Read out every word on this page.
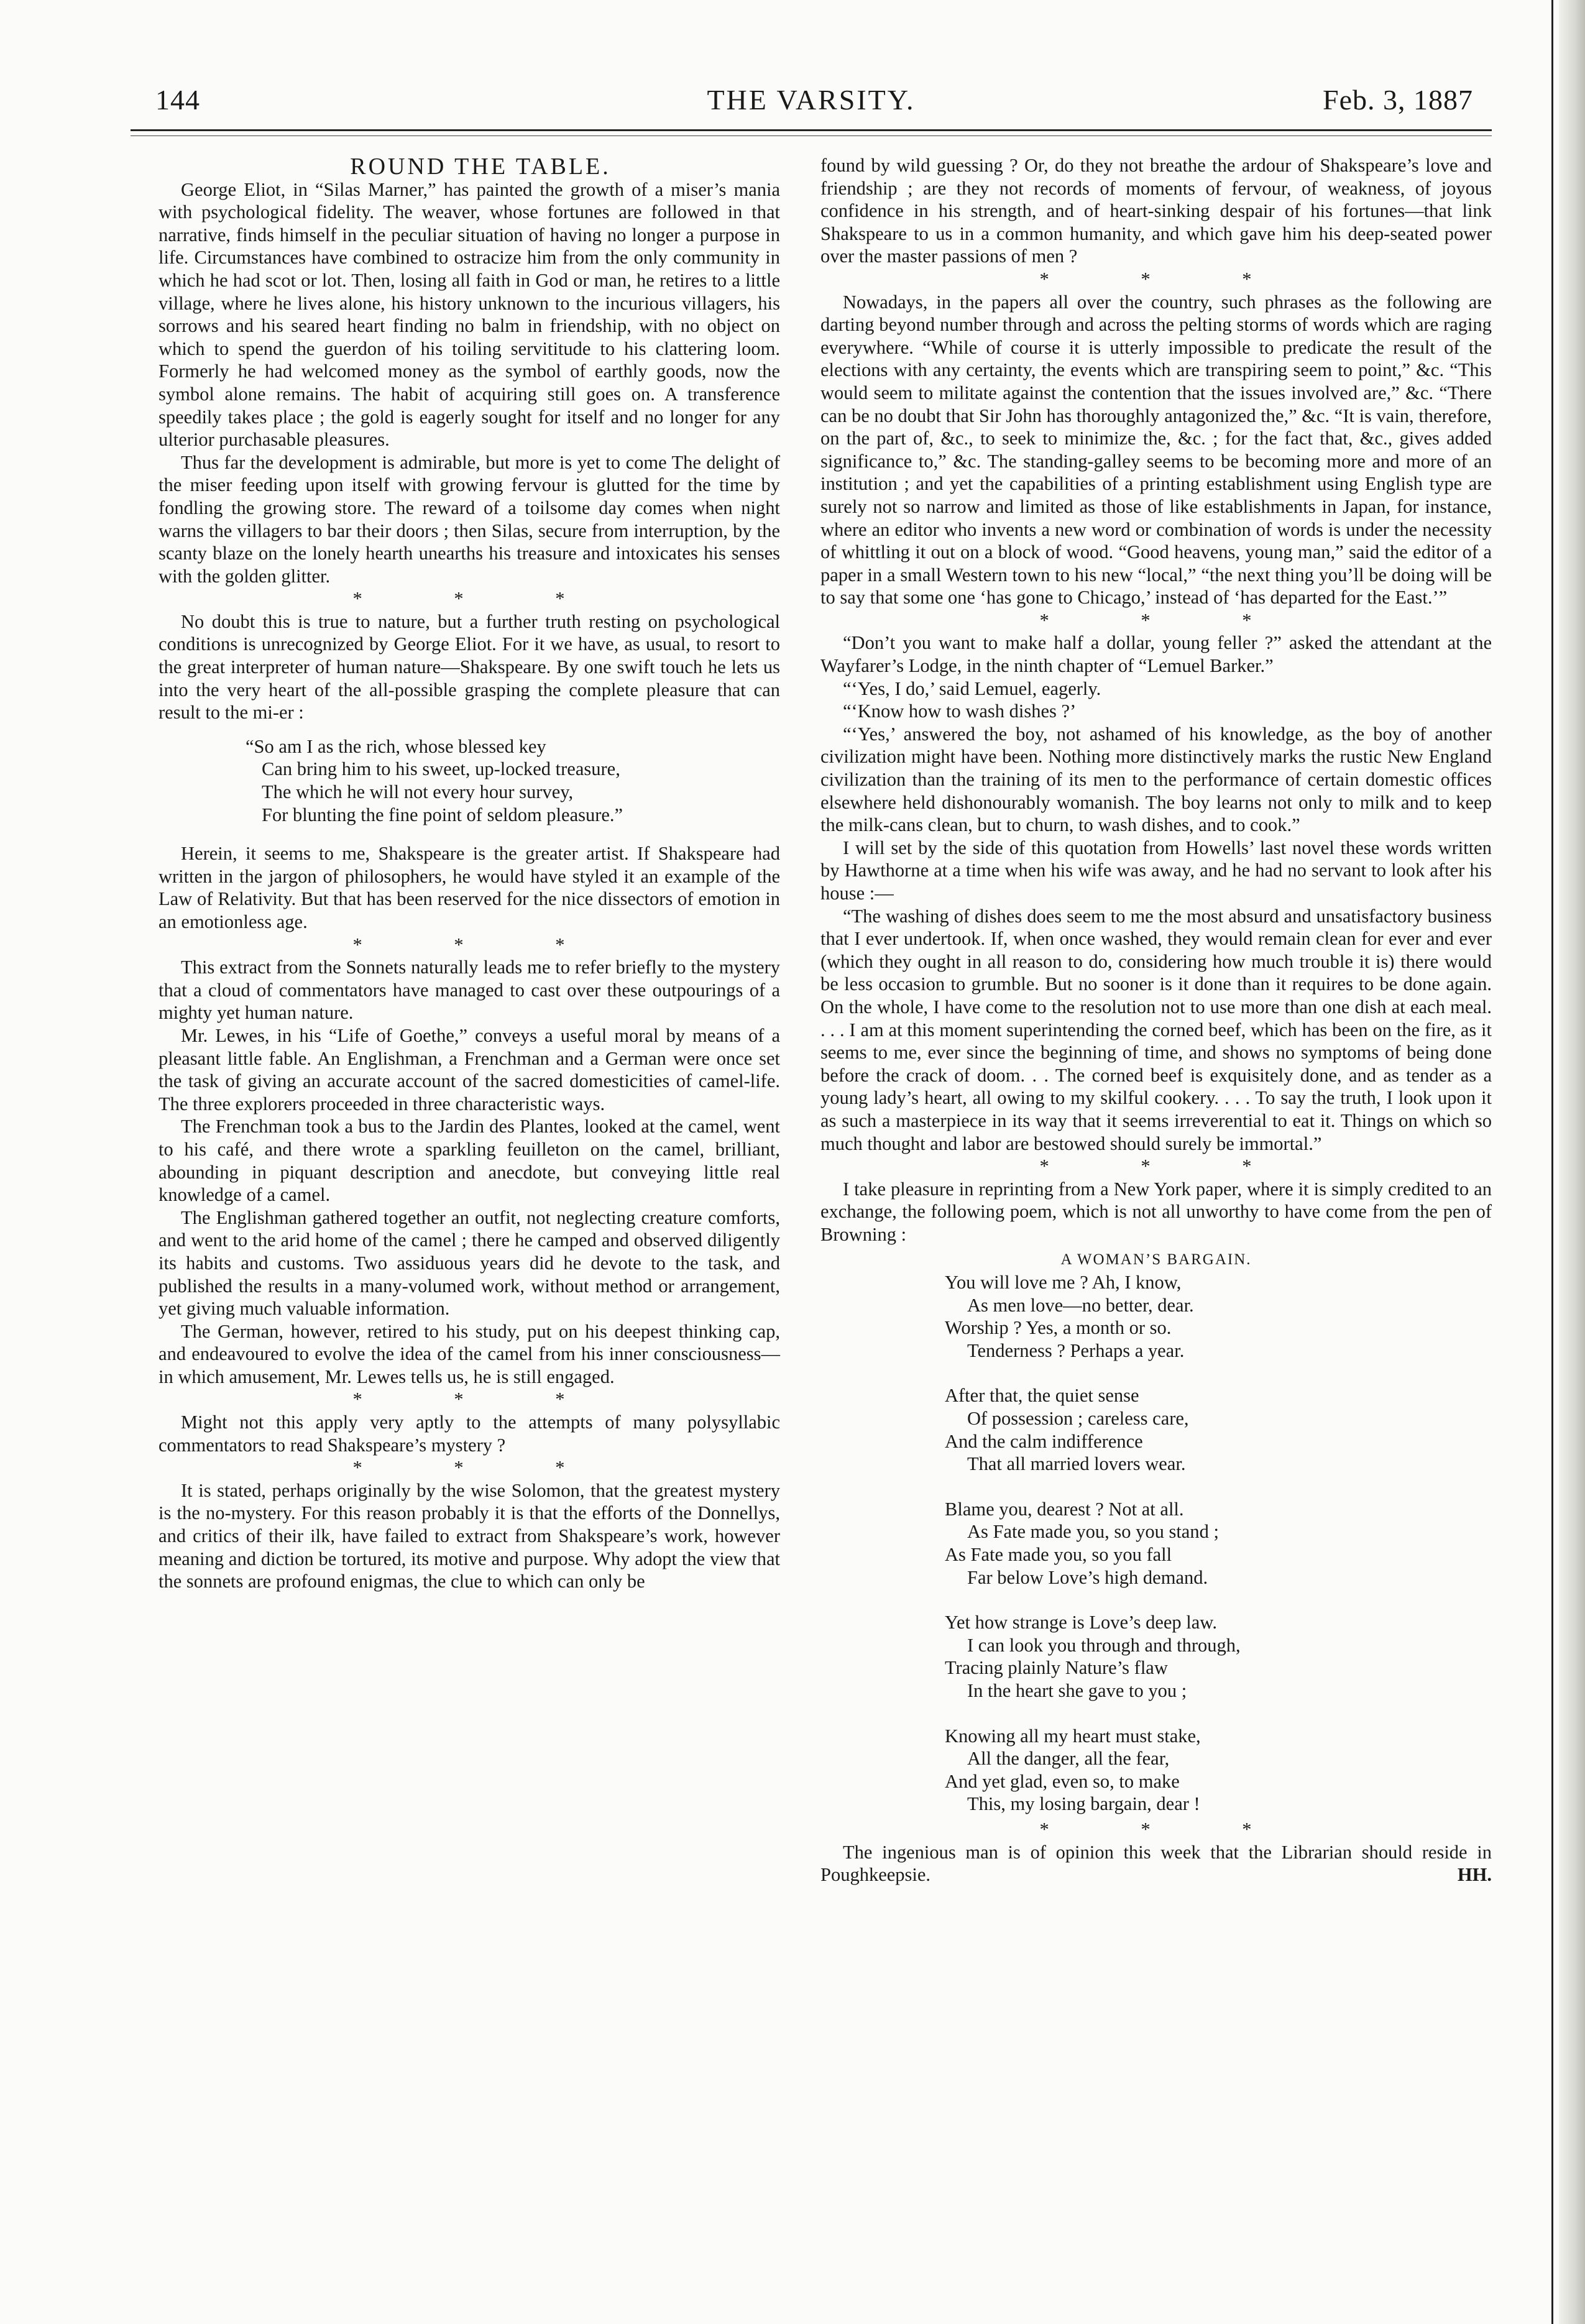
144	THE VARSITY.	Feb. 3, 1887

ROUND THE TABLE.

George Eliot, in “Silas Marner,” has painted the growth of a miser’s mania with psychological fidelity. The weaver, whose fortunes are followed in that narrative, finds himself in the peculiar situation of having no longer a purpose in life. Circumstances have combined to ostracize him from the only community in which he had scot or lot. Then, losing all faith in God or man, he retires to a little village, where he lives alone, his history unknown to the incurious villagers, his sorrows and his seared heart finding no balm in friendship, with no object on which to spend the guerdon of his toiling servititude to his clattering loom. Formerly he had welcomed money as the symbol of earthly goods, now the symbol alone remains. The habit of acquiring still goes on. A transference speedily takes place ; the gold is eagerly sought for itself and no longer for any ulterior purchasable pleasures.

Thus far the development is admirable, but more is yet to come The delight of the miser feeding upon itself with growing fervour is glutted for the time by fondling the growing store. The reward of a toilsome day comes when night warns the villagers to bar their doors ; then Silas, secure from interruption, by the scanty blaze on the lonely hearth unearths his treasure and intoxicates his senses with the golden glitter.

* * *

No doubt this is true to nature, but a further truth resting on psychological conditions is unrecognized by George Eliot. For it we have, as usual, to resort to the great interpreter of human nature—Shakspeare. By one swift touch he lets us into the very heart of the all-possible grasping the complete pleasure that can result to the mi-er :

“So am I as the rich, whose blessed key
Can bring him to his sweet, up-locked treasure,
The which he will not every hour survey,
For blunting the fine point of seldom pleasure.”

Herein, it seems to me, Shakspeare is the greater artist. If Shakspeare had written in the jargon of philosophers, he would have styled it an example of the Law of Relativity. But that has been reserved for the nice dissectors of emotion in an emotionless age.

* * *

This extract from the Sonnets naturally leads me to refer briefly to the mystery that a cloud of commentators have managed to cast over these outpourings of a mighty yet human nature.

Mr. Lewes, in his “Life of Goethe,” conveys a useful moral by means of a pleasant little fable. An Englishman, a Frenchman and a German were once set the task of giving an accurate account of the sacred domesticities of camel-life. The three explorers proceeded in three characteristic ways.

The Frenchman took a bus to the Jardin des Plantes, looked at the camel, went to his café, and there wrote a sparkling feuilleton on the camel, brilliant, abounding in piquant description and anecdote, but conveying little real knowledge of a camel.

The Englishman gathered together an outfit, not neglecting creature comforts, and went to the arid home of the camel ; there he camped and observed diligently its habits and customs. Two assiduous years did he devote to the task, and published the results in a many-volumed work, without method or arrangement, yet giving much valuable information.

The German, however, retired to his study, put on his deepest thinking cap, and endeavoured to evolve the idea of the camel from his inner consciousness—in which amusement, Mr. Lewes tells us, he is still engaged.

* * *

Might not this apply very aptly to the attempts of many polysyllabic commentators to read Shakspeare’s mystery ?

* * *

It is stated, perhaps originally by the wise Solomon, that the greatest mystery is the no-mystery. For this reason probably it is that the efforts of the Donnellys, and critics of their ilk, have failed to extract from Shakspeare’s work, however meaning and diction be tortured, its motive and purpose. Why adopt the view that the sonnets are profound enigmas, the clue to which can only be

found by wild guessing ? Or, do they not breathe the ardour of Shakspeare’s love and friendship ; are they not records of moments of fervour, of weakness, of joyous confidence in his strength, and of heart-sinking despair of his fortunes—that link Shakspeare to us in a common humanity, and which gave him his deep-seated power over the master passions of men ?

* * *

Nowadays, in the papers all over the country, such phrases as the following are darting beyond number through and across the pelting storms of words which are raging everywhere. “While of course it is utterly impossible to predicate the result of the elections with any certainty, the events which are transpiring seem to point,” &c. “This would seem to militate against the contention that the issues involved are,” &c. “There can be no doubt that Sir John has thoroughly antagonized the,” &c. “It is vain, therefore, on the part of, &c., to seek to minimize the, &c. ; for the fact that, &c., gives added significance to,” &c. The standing-galley seems to be becoming more and more of an institution ; and yet the capabilities of a printing establishment using English type are surely not so narrow and limited as those of like establishments in Japan, for instance, where an editor who invents a new word or combination of words is under the necessity of whittling it out on a block of wood. “Good heavens, young man,” said the editor of a paper in a small Western town to his new “local,” “the next thing you’ll be doing will be to say that some one ‘has gone to Chicago,’ instead of ‘has departed for the East.’”

* * *

“Don’t you want to make half a dollar, young feller ?” asked the attendant at the Wayfarer’s Lodge, in the ninth chapter of “Lemuel Barker.”

“‘Yes, I do,’ said Lemuel, eagerly.

“‘Know how to wash dishes ?’

“‘Yes,’ answered the boy, not ashamed of his knowledge, as the boy of another civilization might have been. Nothing more distinctively marks the rustic New England civilization than the training of its men to the performance of certain domestic offices elsewhere held dishonourably womanish. The boy learns not only to milk and to keep the milk-cans clean, but to churn, to wash dishes, and to cook.”

I will set by the side of this quotation from Howells’ last novel these words written by Hawthorne at a time when his wife was away, and he had no servant to look after his house :—

“The washing of dishes does seem to me the most absurd and unsatisfactory business that I ever undertook. If, when once washed, they would remain clean for ever and ever (which they ought in all reason to do, considering how much trouble it is) there would be less occasion to grumble. But no sooner is it done than it requires to be done again. On the whole, I have come to the resolution not to use more than one dish at each meal. . . . I am at this moment superintending the corned beef, which has been on the fire, as it seems to me, ever since the beginning of time, and shows no symptoms of being done before the crack of doom. . . The corned beef is exquisitely done, and as tender as a young lady’s heart, all owing to my skilful cookery. . . . To say the truth, I look upon it as such a masterpiece in its way that it seems irreverential to eat it. Things on which so much thought and labor are bestowed should surely be immortal.”

* * *

I take pleasure in reprinting from a New York paper, where it is simply credited to an exchange, the following poem, which is not all unworthy to have come from the pen of Browning :

A WOMAN’S BARGAIN.
You will love me ? Ah, I know,
As men love—no better, dear.
Worship ? Yes, a month or so.
Tenderness ? Perhaps a year.
After that, the quiet sense
Of possession ; careless care,
And the calm indifference
That all married lovers wear.
Blame you, dearest ? Not at all.
As Fate made you, so you stand ;
As Fate made you, so you fall
Far below Love’s high demand.
Yet how strange is Love’s deep law.
I can look you through and through,
Tracing plainly Nature’s flaw
In the heart she gave to you ;
Knowing all my heart must stake,
All the danger, all the fear,
And yet glad, even so, to make
This, my losing bargain, dear !

* * *

The ingenious man is of opinion this week that the Librarian should reside in Poughkeepsie.	HH.
